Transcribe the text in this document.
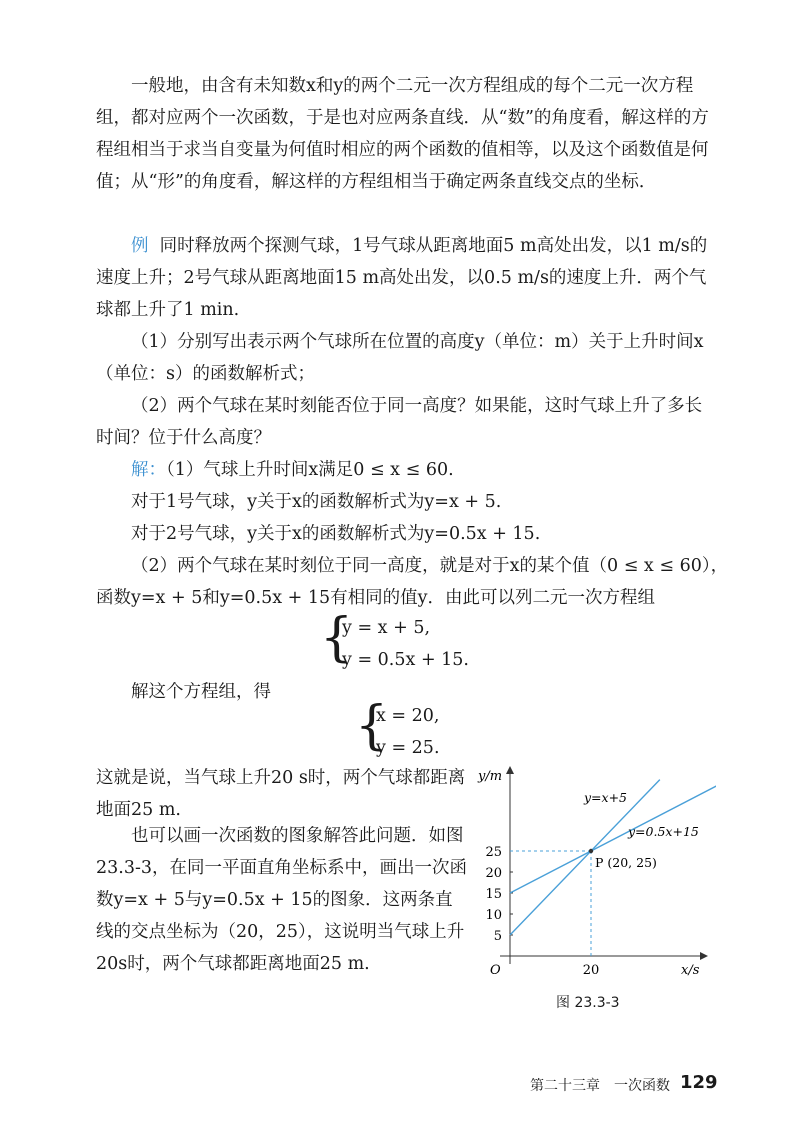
一般地，由含有未知数x和y的两个二元一次方程组成的每个二元一次方程组，都对应两个一次函数，于是也对应两条直线．从“数”的角度看，解这样的方程组相当于求当自变量为何值时相应的两个函数的值相等，以及这个函数值是何值；从“形”的角度看，解这样的方程组相当于确定两条直线交点的坐标．

例 同时释放两个探测气球，1号气球从距离地面5 m高处出发，以1 m/s的速度上升；2号气球从距离地面15 m高处出发，以0.5 m/s的速度上升．两个气球都上升了1 min.

（1）分别写出表示两个气球所在位置的高度y（单位：m）关于上升时间x（单位：s）的函数解析式；

（2）两个气球在某时刻能否位于同一高度？如果能，这时气球上升了多长时间？位于什么高度？

解：（1）气球上升时间x满足0 ≤ x ≤ 60.
对于1号气球，y关于x的函数解析式为y=x + 5.
对于2号气球，y关于x的函数解析式为y=0.5x + 15.
（2）两个气球在某时刻位于同一高度，就是对于x的某个值（0 ≤ x ≤ 60），
函数y=x + 5和y=0.5x + 15有相同的值y．由此可以列二元一次方程组
{
y = x + 5,
y = 0.5x + 15.
解这个方程组，得
{
x = 20,
y = 25.

这就是说，当气球上升20 s时，两个气球都距离地面25 m.

也可以画一次函数的图象解答此问题．如图23.3-3，在同一平面直角坐标系中，画出一次函数y=x + 5与y=0.5x + 15的图象．这两条直线的交点坐标为（20，25），这说明当气球上升20s时，两个气球都距离地面25 m.

y/m
x/s
O
5
10
15
20
25
20
y=x+5
y=0.5x+15
P (20, 25)
图 23.3-3
第二十三章　一次函数 129
